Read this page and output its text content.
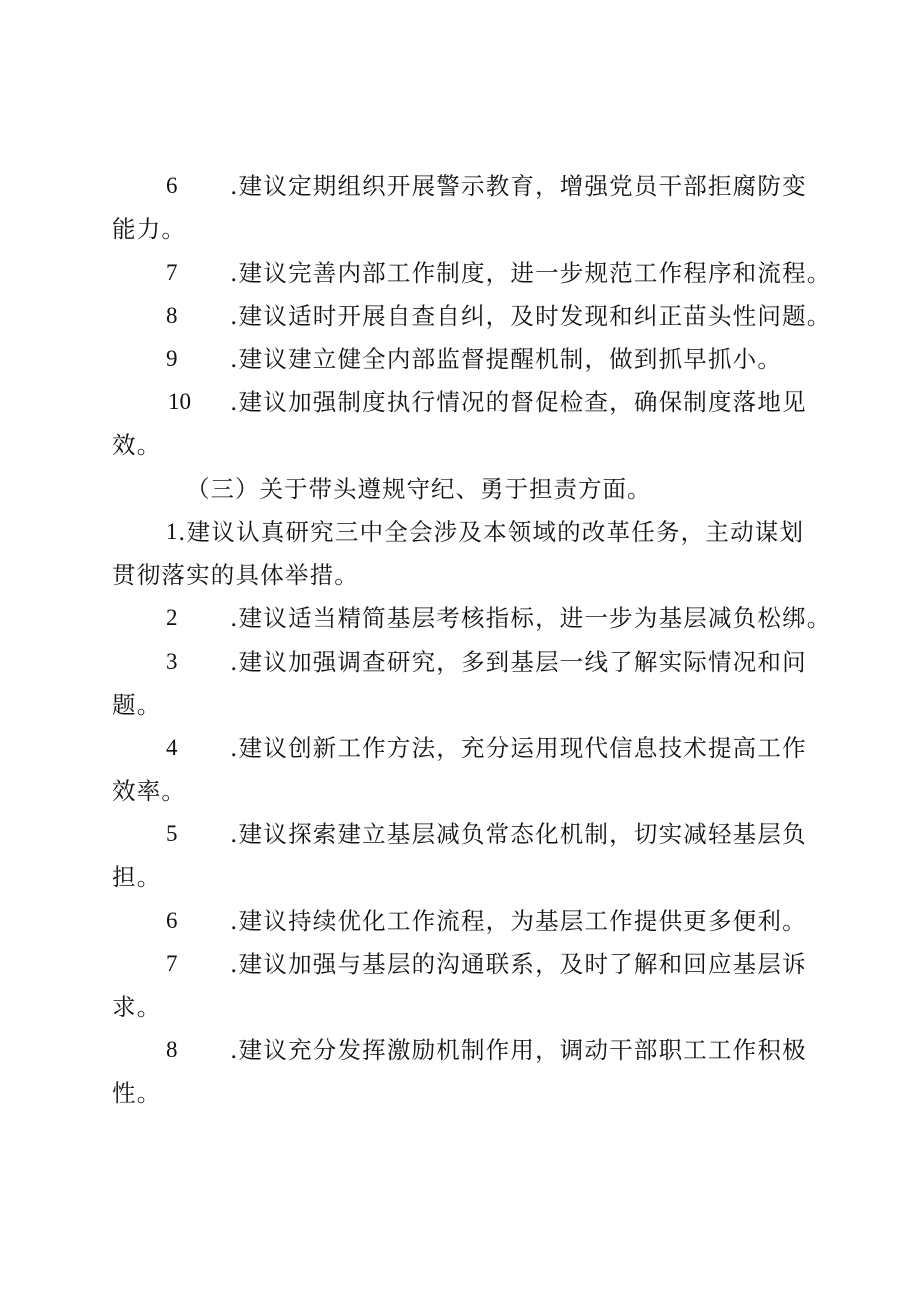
6 .建议定期组织开展警示教育，增强党员干部拒腐防变
能力。
7 .建议完善内部工作制度，进一步规范工作程序和流程。
8 .建议适时开展自查自纠，及时发现和纠正苗头性问题。
9 .建议建立健全内部监督提醒机制，做到抓早抓小。
10 .建议加强制度执行情况的督促检查，确保制度落地见
效。
（三）关于带头遵规守纪、勇于担责方面。
1 .建议认真研究三中全会涉及本领域的改革任务，主动谋划
贯彻落实的具体举措。
2 .建议适当精简基层考核指标，进一步为基层减负松绑。
3 .建议加强调查研究，多到基层一线了解实际情况和问
题。
4 .建议创新工作方法，充分运用现代信息技术提高工作
效率。
5 .建议探索建立基层减负常态化机制，切实减轻基层负
担。
6 .建议持续优化工作流程，为基层工作提供更多便利。
7 .建议加强与基层的沟通联系，及时了解和回应基层诉
求。
8 .建议充分发挥激励机制作用，调动干部职工工作积极
性。
